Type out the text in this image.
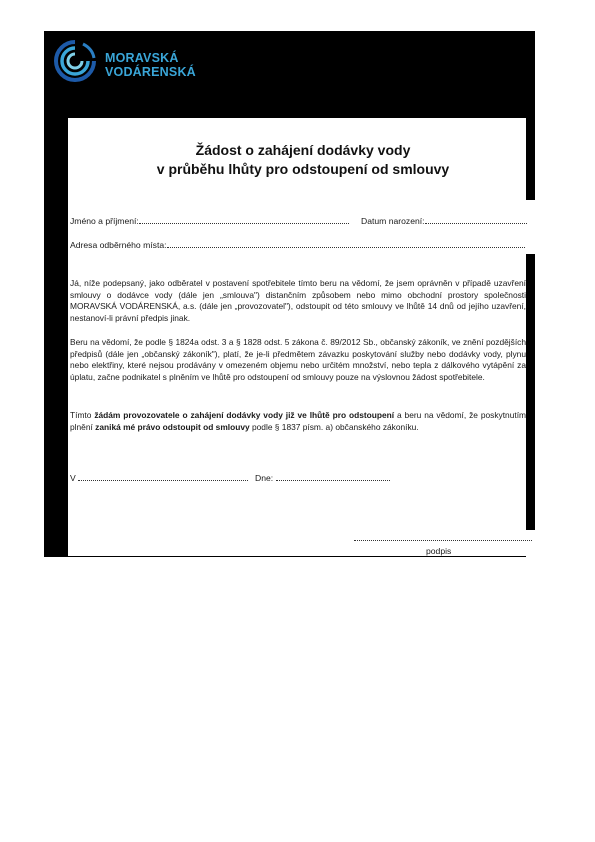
MORAVSKÁ
VODÁRENSKÁ
Žádost o zahájení dodávky vody
v průběhu lhůty pro odstoupení od smlouvy
Jméno a příjmení:	Datum narození:
Adresa odběrného místa:
Já, níže podepsaný, jako odběratel v postavení spotřebitele tímto beru na vědomí, že jsem oprávněn v případě uzavření smlouvy o dodávce vody (dále jen „smlouva") distančním způsobem nebo mimo obchodní prostory společnosti MORAVSKÁ VODÁRENSKÁ, a.s. (dále jen „provozovatel"), odstoupit od této smlouvy ve lhůtě 14 dnů od jejího uzavření, nestanoví-li právní předpis jinak.
Beru na vědomí, že podle § 1824a odst. 3 a § 1828 odst. 5 zákona č. 89/2012 Sb., občanský zákoník, ve znění pozdějších předpisů (dále jen „občanský zákoník"), platí, že je-li předmětem závazku poskytování služby nebo dodávky vody, plynu nebo elektřiny, které nejsou prodávány v omezeném objemu nebo určitém množství, nebo tepla z dálkového vytápění za úplatu, začne podnikatel s plněním ve lhůtě pro odstoupení od smlouvy pouze na výslovnou žádost spotřebitele.
Tímto žádám provozovatele o zahájení dodávky vody již ve lhůtě pro odstoupení a beru na vědomí, že poskytnutím plnění zaniká mé právo odstoupit od smlouvy podle § 1837 písm. a) občanského zákoníku.
V	Dne:
podpis
